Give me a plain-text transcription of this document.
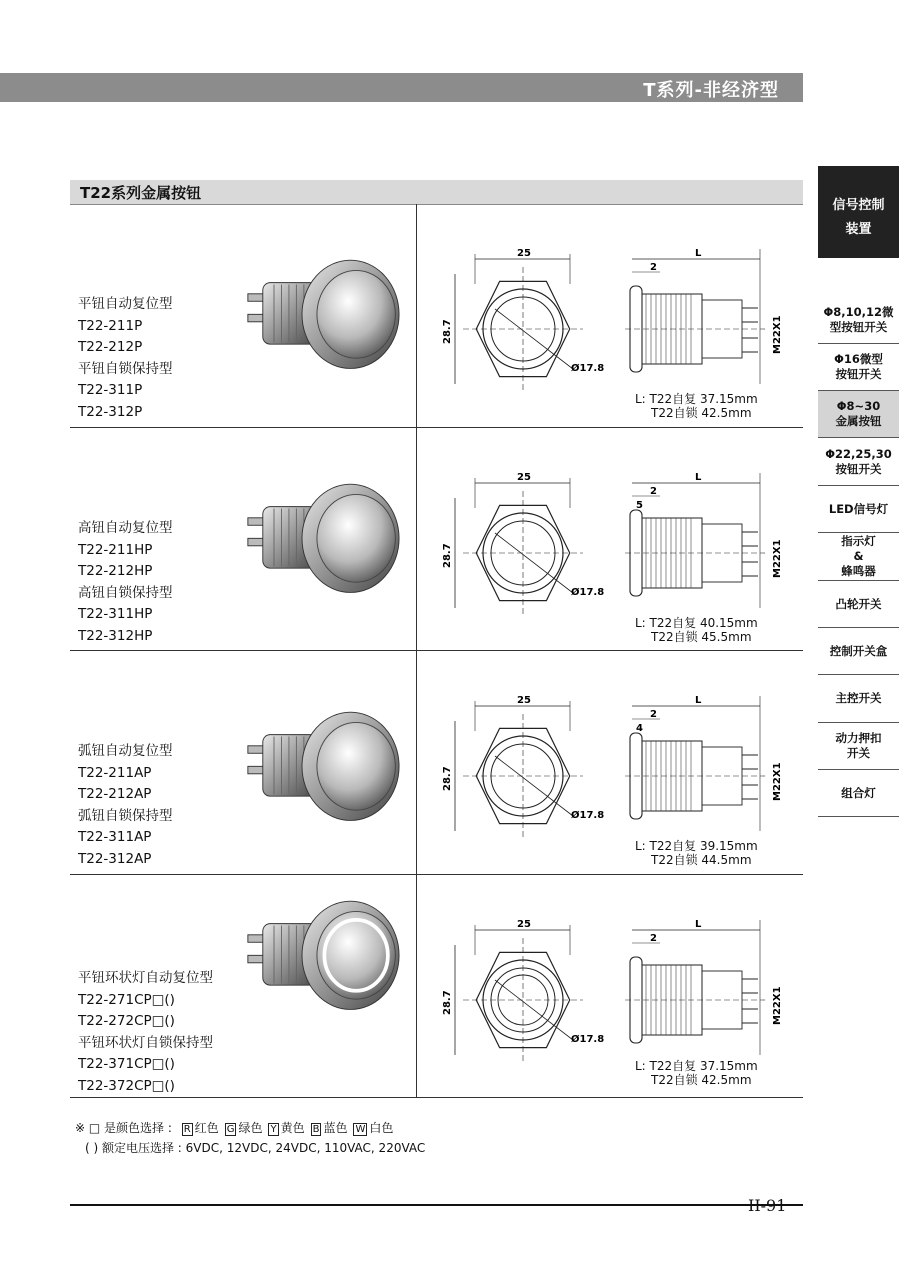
T系列-非经济型
T22系列金属按钮
平钮自动复位型
T22-211P
T22-212P
平钮自锁保持型
T22-311P
T22-312P
25
28.7
Ø17.8
L
2
M22X1
L: T22自复 37.15mm
T22自锁 42.5mm
高钮自动复位型
T22-211HP
T22-212HP
高钮自锁保持型
T22-311HP
T22-312HP
25
28.7
Ø17.8
L
2
5
M22X1
L: T22自复 40.15mm
T22自锁 45.5mm
弧钮自动复位型
T22-211AP
T22-212AP
弧钮自锁保持型
T22-311AP
T22-312AP
25
28.7
Ø17.8
L
2
4
M22X1
L: T22自复 39.15mm
T22自锁 44.5mm
平钮环状灯自动复位型
T22-271CP□()
T22-272CP□()
平钮环状灯自锁保持型
T22-371CP□()
T22-372CP□()
25
28.7
Ø17.8
L
2
M22X1
L: T22自复 37.15mm
T22自锁 42.5mm
※ □ 是颜色选择 : R 红色 G 绿色 Y 黄色 B 蓝色 W 白色
( ) 额定电压选择 : 6VDC, 12VDC, 24VDC, 110VAC, 220VAC
II-91
信号控制
装置
Φ8,10,12微
型按钮开关
Φ16微型
按钮开关
Φ8~30
金属按钮
Φ22,25,30
按钮开关
LED信号灯
指示灯
&
蜂鸣器
凸轮开关
控制开关盒
主控开关
动力押扣
开关
组合灯
